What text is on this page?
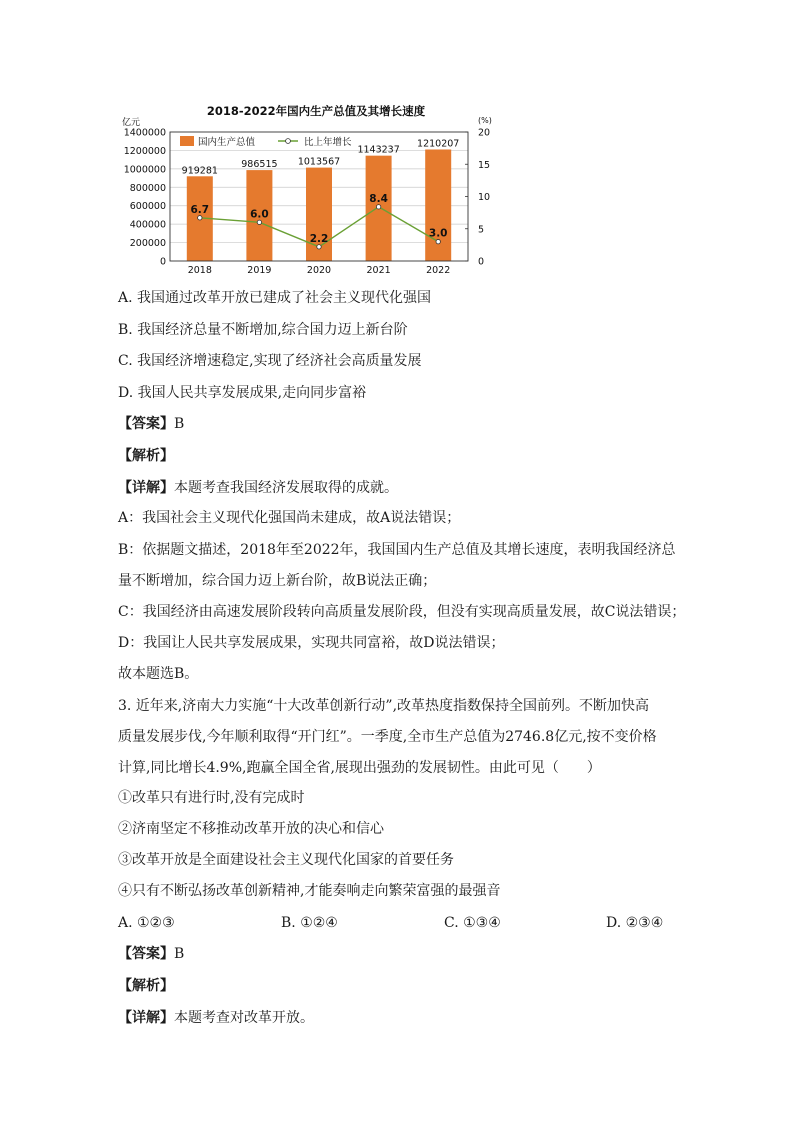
2018-2022年国内生产总值及其增长速度
亿元	(%)
919281
986515 1013567
1143237
1210207
6.7	6.0
2.2
8.4
3.0
1400000
1200000
1000000
800000
600000
400000
200000
0
20
15
10
5
0
2018	2019	2020	2021	2022
国内生产总值	比上年增长
A. 我国通过改革开放已建成了社会主义现代化强国
B. 我国经济总量不断增加,综合国力迈上新台阶
C. 我国经济增速稳定,实现了经济社会高质量发展
D. 我国人民共享发展成果,走向同步富裕
【答案】B
【解析】
【详解】本题考查我国经济发展取得的成就。
A：我国社会主义现代化强国尚未建成，故A说法错误；
B：依据题文描述，2018年至2022年，我国国内生产总值及其增长速度，表明我国经济总
量不断增加，综合国力迈上新台阶，故B说法正确；
C：我国经济由高速发展阶段转向高质量发展阶段，但没有实现高质量发展，故C说法错误；
D：我国让人民共享发展成果，实现共同富裕，故D说法错误；
故本题选B。
3. 近年来,济南大力实施“十大改革创新行动”,改革热度指数保持全国前列。不断加快高
质量发展步伐,今年顺利取得“开门红”。一季度,全市生产总值为2746.8亿元,按不变价格
计算,同比增长4.9%,跑赢全国全省,展现出强劲的发展韧性。由此可见（　　）
①改革只有进行时,没有完成时
②济南坚定不移推动改革开放的决心和信心
③改革开放是全面建设社会主义现代化国家的首要任务
④只有不断弘扬改革创新精神,才能奏响走向繁荣富强的最强音
A. ①②③	B. ①②④	C. ①③④	D. ②③④
【答案】B
【解析】
【详解】本题考查对改革开放。
